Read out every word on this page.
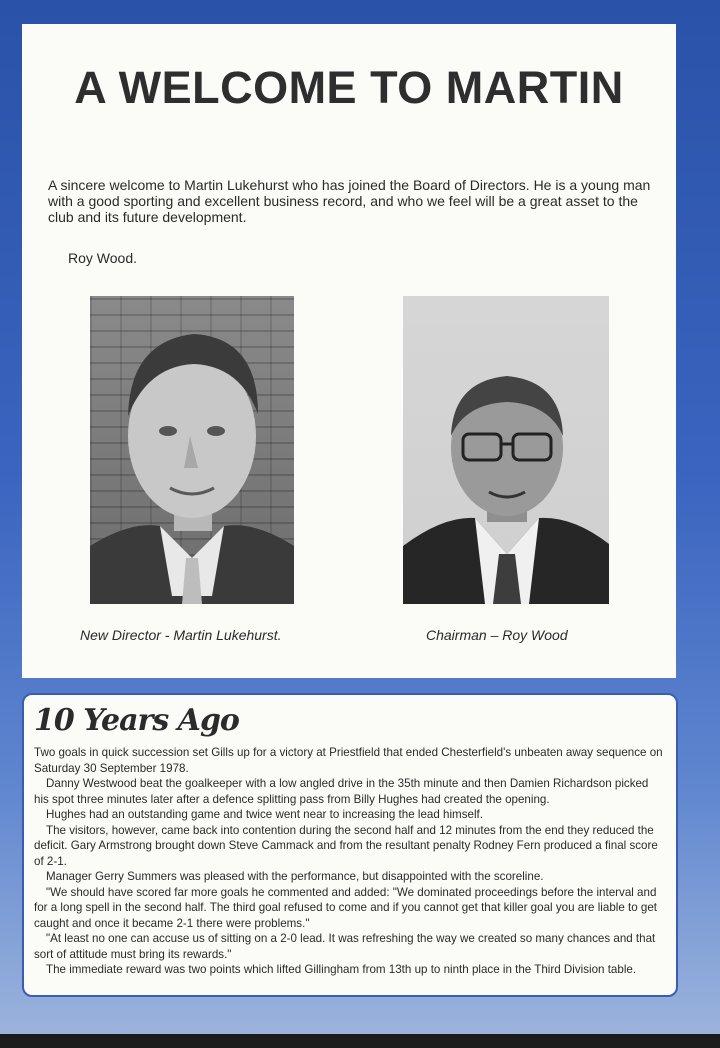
A WELCOME TO MARTIN
A sincere welcome to Martin Lukehurst who has joined the Board of Directors. He is a young man with a good sporting and excellent business record, and who we feel will be a great asset to the club and its future development.
Roy Wood.
New Director - Martin Lukehurst.	Chairman – Roy Wood
10 Years Ago

Two goals in quick succession set Gills up for a victory at Priestfield that ended Chesterfield's unbeaten away sequence on Saturday 30 September 1978.

Danny Westwood beat the goalkeeper with a low angled drive in the 35th minute and then Damien Richardson picked his spot three minutes later after a defence splitting pass from Billy Hughes had created the opening.

Hughes had an outstanding game and twice went near to increasing the lead himself.

The visitors, however, came back into contention during the second half and 12 minutes from the end they reduced the deficit. Gary Armstrong brought down Steve Cammack and from the resultant penalty Rodney Fern produced a final score of 2-1.

Manager Gerry Summers was pleased with the performance, but disappointed with the scoreline.

"We should have scored far more goals he commented and added: "We dominated proceedings before the interval and for a long spell in the second half. The third goal refused to come and if you cannot get that killer goal you are liable to get caught and once it became 2-1 there were problems."

"At least no one can accuse us of sitting on a 2-0 lead. It was refreshing the way we created so many chances and that sort of attitude must bring its rewards."

The immediate reward was two points which lifted Gillingham from 13th up to ninth place in the Third Division table.
